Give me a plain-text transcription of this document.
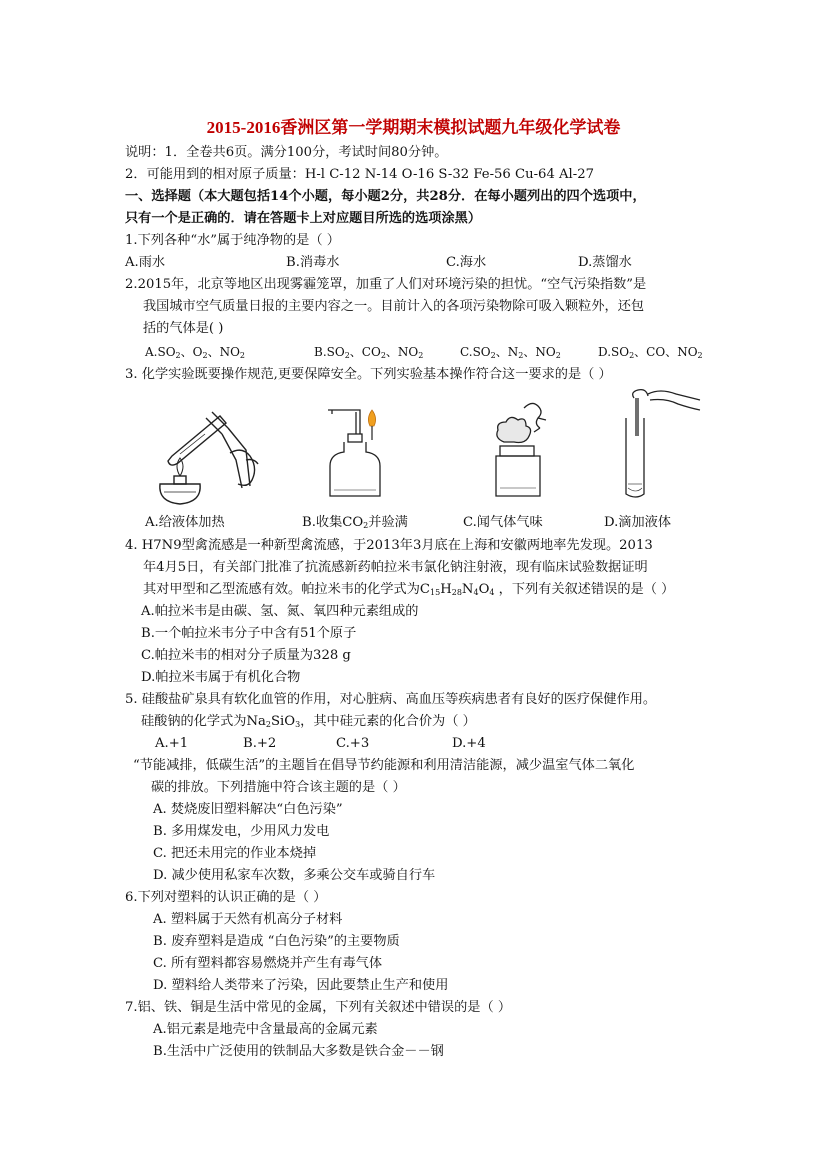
2015-2016香洲区第一学期期末模拟试题九年级化学试卷
说明：1．全卷共6页。满分100分，考试时间80分钟。
2．可能用到的相对原子质量：H-l C-12 N-14 O-16 S-32 Fe-56 Cu-64 Al-27
一、选择题（本大题包括14个小题，每小题2分，共28分．在每小题列出的四个选项中，
只有一个是正确的．请在答题卡上对应题目所选的选项涂黑）
1.下列各种“水”属于纯净物的是（ ）
A.雨水	B.消毒水	C.海水	D.蒸馏水
2.2015年，北京等地区出现雾霾笼罩，加重了人们对环境污染的担忧。“空气污染指数”是
我国城市空气质量日报的主要内容之一。目前计入的各项污染物除可吸入颗粒外，还包
括的气体是( )
$A.SO_2$、$O_2$、$NO_2$	$B.SO_2$、$CO_2$、$NO_2$	$C.SO_2$、$N_2$、$NO_2$	$D.SO_2$、CO、$NO_2$
3. 化学实验既要操作规范,更要保障安全。下列实验基本操作符合这一要求的是（ ）
A.给液体加热	B.收集$CO_2$并验满	C.闻气体气味	D.滴加液体
4. H7N9型禽流感是一种新型禽流感，于2013年3月底在上海和安徽两地率先发现。2013
年4月5日，有关部门批准了抗流感新药帕拉米韦氯化钠注射液，现有临床试验数据证明
其对甲型和乙型流感有效。帕拉米韦的化学式为$C_{15}H_{28}N_4O_4$ ，下列有关叙述错误的是（ ）
A.帕拉米韦是由碳、氢、氮、氧四种元素组成的
B.一个帕拉米韦分子中含有51个原子
C.帕拉米韦的相对分子质量为328 g
D.帕拉米韦属于有机化合物
5. 硅酸盐矿泉具有软化血管的作用，对心脏病、高血压等疾病患者有良好的医疗保健作用。
硅酸钠的化学式为$Na_2SiO_3$，其中硅元素的化合价为（ ）
A.+1	B.+2	C.+3	D.+4
“节能减排，低碳生活”的主题旨在倡导节约能源和利用清洁能源，减少温室气体二氧化
碳的排放。下列措施中符合该主题的是（ ）
A. 焚烧废旧塑料解决“白色污染”
B. 多用煤发电，少用风力发电
C. 把还未用完的作业本烧掉
D. 减少使用私家车次数，多乘公交车或骑自行车
6.下列对塑料的认识正确的是（ ）
A. 塑料属于天然有机高分子材料
B. 废弃塑料是造成 “白色污染”的主要物质
C. 所有塑料都容易燃烧并产生有毒气体
D. 塑料给人类带来了污染，因此要禁止生产和使用
7.铝、铁、铜是生活中常见的金属，下列有关叙述中错误的是（ ）
A.铝元素是地壳中含量最高的金属元素
B.生活中广泛使用的铁制品大多数是铁合金－－钢
